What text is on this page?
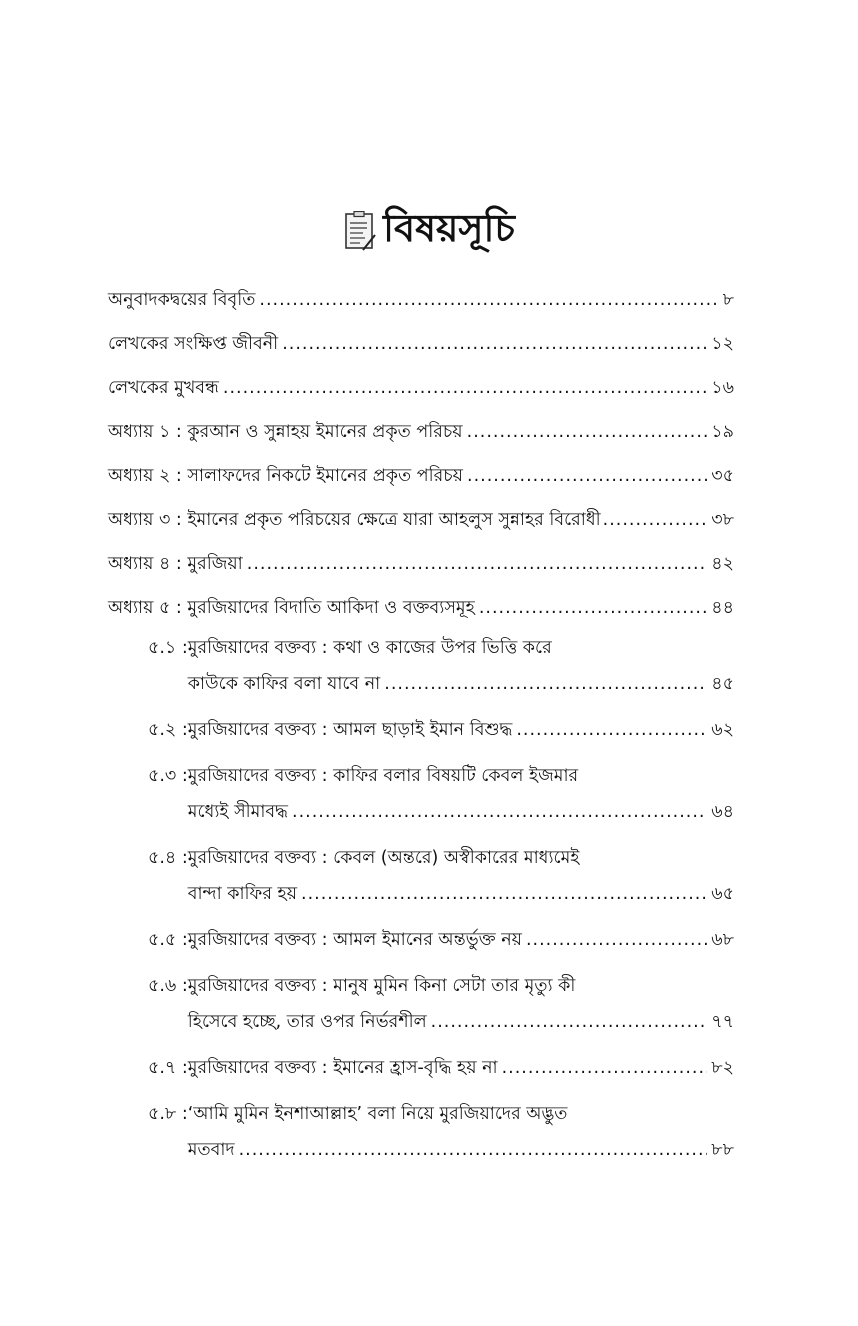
বিষয়সূচি
অনুবাদকদ্বয়ের বিবৃতি .....	৮
লেখকের সংক্ষিপ্ত জীবনী .....	১২
লেখকের মুখবন্ধ .....	১৬
অধ্যায় ১ : কুরআন ও সুন্নাহয় ইমানের প্রকৃত পরিচয় .....	১৯
অধ্যায় ২ : সালাফদের নিকটে ইমানের প্রকৃত পরিচয় .....	৩৫
অধ্যায় ৩ : ইমানের প্রকৃত পরিচয়ের ক্ষেত্রে যারা আহলুস সুন্নাহর বিরোধী .....	৩৮
অধ্যায় ৪ : মুরজিয়া .....	৪২
অধ্যায় ৫ : মুরজিয়াদের বিদাতি আকিদা ও বক্তব্যসমূহ .....	৪৪
৫.১ : মুরজিয়াদের বক্তব্য : কথা ও কাজের উপর ভিত্তি করে
কাউকে কাফির বলা যাবে না .....	৪৫
৫.২ : মুরজিয়াদের বক্তব্য : আমল ছাড়াই ইমান বিশুদ্ধ .....	৬২
৫.৩ : মুরজিয়াদের বক্তব্য : কাফির বলার বিষয়টি কেবল ইজমার
মধ্যেই সীমাবদ্ধ .....	৬৪
৫.৪ : মুরজিয়াদের বক্তব্য : কেবল (অন্তরে) অস্বীকারের মাধ্যমেই
বান্দা কাফির হয় .....	৬৫
৫.৫ : মুরজিয়াদের বক্তব্য : আমল ইমানের অন্তর্ভুক্ত নয় .....	৬৮
৫.৬ : মুরজিয়াদের বক্তব্য : মানুষ মুমিন কিনা সেটা তার মৃত্যু কী
হিসেবে হচ্ছে, তার ওপর নির্ভরশীল .....	৭৭
৫.৭ : মুরজিয়াদের বক্তব্য : ইমানের হ্রাস-বৃদ্ধি হয় না .....	৮২
৫.৮ : ‘আমি মুমিন ইনশাআল্লাহ’ বলা নিয়ে মুরজিয়াদের অদ্ভুত
মতবাদ .....	৮৮
